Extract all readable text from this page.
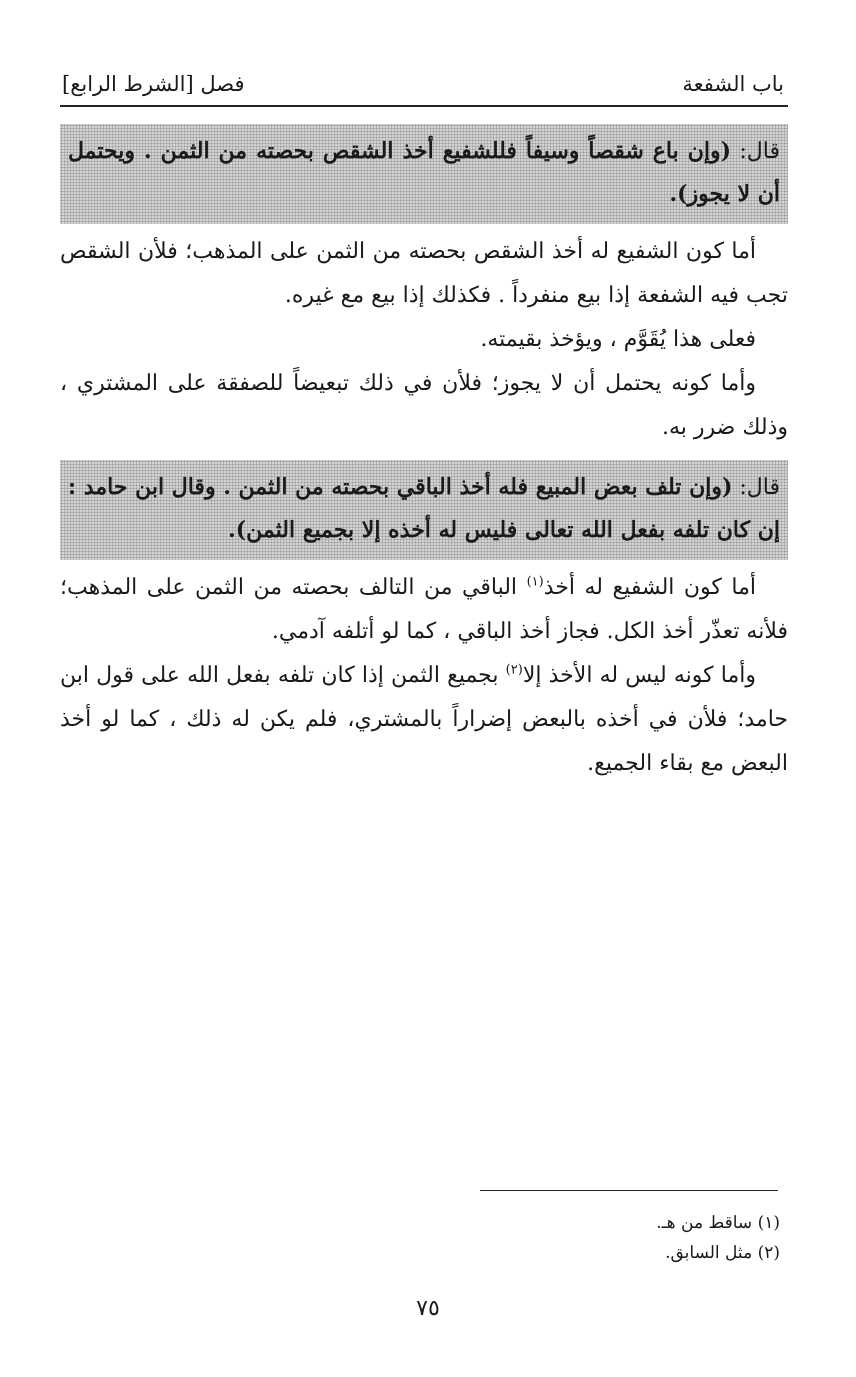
باب الشفعة
فصل [الشرط الرابع]
قال: (وإن باع شقصاً وسيفاً فللشفيع أخذ الشقص بحصته من الثمن . ويحتمل أن لا يجوز).

أما كون الشفيع له أخذ الشقص بحصته من الثمن على المذهب؛ فلأن الشقص تجب فيه الشفعة إذا بيع منفرداً . فكذلك إذا بيع مع غيره.

فعلى هذا يُقَوَّم ، ويؤخذ بقيمته.

وأما كونه يحتمل أن لا يجوز؛ فلأن في ذلك تبعيضاً للصفقة على المشتري ، وذلك ضرر به.

قال: (وإن تلف بعض المبيع فله أخذ الباقي بحصته من الثمن . وقال ابن حامد : إن كان تلفه بفعل الله تعالى فليس له أخذه إلا بجميع الثمن).

أما كون الشفيع له أخذ$^{(١)}$ الباقي من التالف بحصته من الثمن على المذهب؛ فلأنه تعذّر أخذ الكل. فجاز أخذ الباقي ، كما لو أتلفه آدمي.

وأما كونه ليس له الأخذ إلا$^{(٢)}$ بجميع الثمن إذا كان تلفه بفعل الله على قول ابن حامد؛ فلأن في أخذه بالبعض إضراراً بالمشتري، فلم يكن له ذلك ، كما لو أخذ البعض مع بقاء الجميع.

(١) ساقط من هـ.

(٢) مثل السابق.

٧٥
